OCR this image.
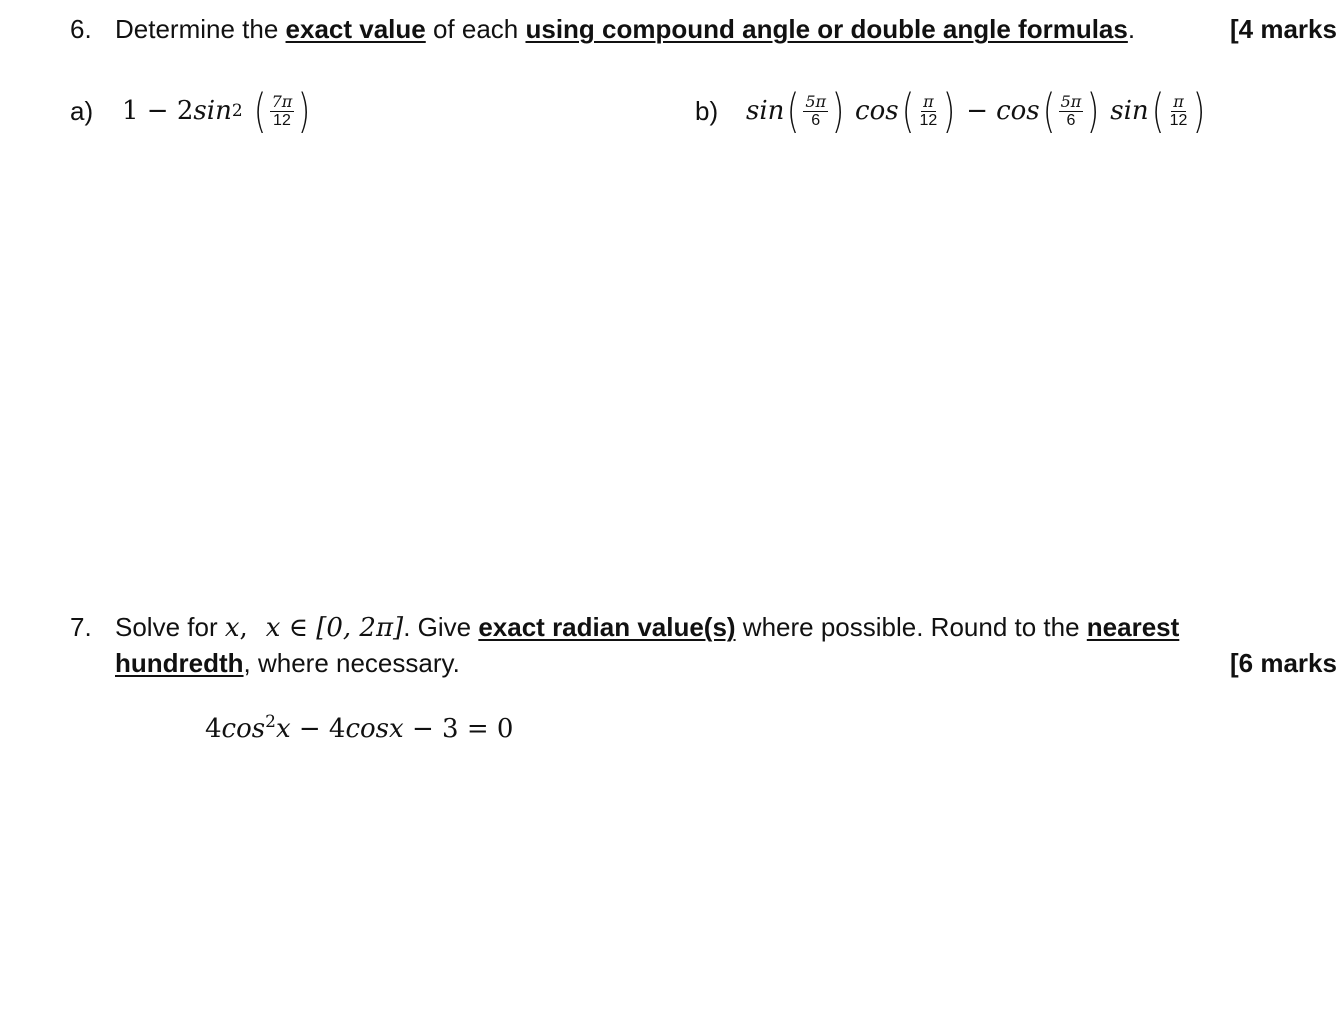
6. Determine the exact value of each using compound angle or double angle formulas.	[4 marks
a) 1 − 2 sin 2 ( $\frac{7\pi}{12}$ )	b) sin ( $\frac{5\pi}{6}$ ) cos ( $\frac{\pi}{12}$ ) − cos ( $\frac{5\pi}{6}$ ) sin ( $\frac{\pi}{12}$ )
7. Solve for x, x ∈ [0, 2π]. Give exact radian value(s) where possible. Round to the nearest
hundredth, where necessary.	[6 marks
$4\cos^2x - 4\cos x - 3 = 0$
